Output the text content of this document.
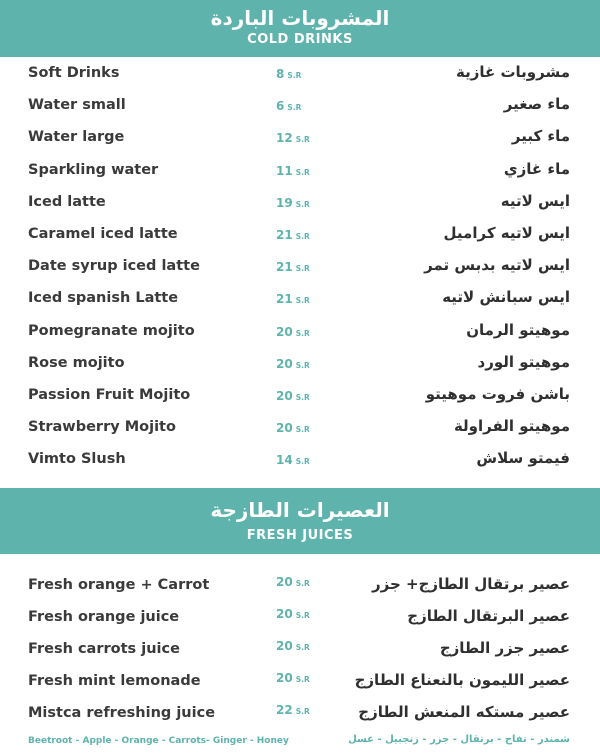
المشروبات الباردة
COLD DRINKS
Soft Drinks	8 S.R	مشروبات غازية
Water small	6 S.R	ماء صغير
Water large	12 S.R	ماء كبير
Sparkling water	11 S.R	ماء غازي
Iced latte	19 S.R	ايس لاتيه
Caramel iced latte	21 S.R	ايس لاتيه كراميل
Date syrup iced latte	21 S.R	ايس لاتيه بدبس تمر
Iced spanish Latte	21 S.R	ايس سبانش لاتيه
Pomegranate mojito	20 S.R	موهيتو الرمان
Rose mojito	20 S.R	موهيتو الورد
Passion Fruit Mojito	20 S.R	باشن فروت موهيتو
Strawberry Mojito	20 S.R	موهيتو الفراولة
Vimto Slush	14 S.R	فيمتو سلاش
العصيرات الطازجة
FRESH JUICES
Fresh orange + Carrot	20 S.R	عصير برتقال الطازج+ جزر
Fresh orange juice	20 S.R	عصير البرتقال الطازج
Fresh carrots juice	20 S.R	عصير جزر الطازج
Fresh mint lemonade	20 S.R	عصير الليمون بالنعناع الطازج
Mistca refreshing juice	22 S.R	عصير مستكه المنعش الطازج
Beetroot - Apple - Orange - Carrots- Ginger - Honey	شمندر - تفاح - برتقال - جزر - زنجبيل - عسل
